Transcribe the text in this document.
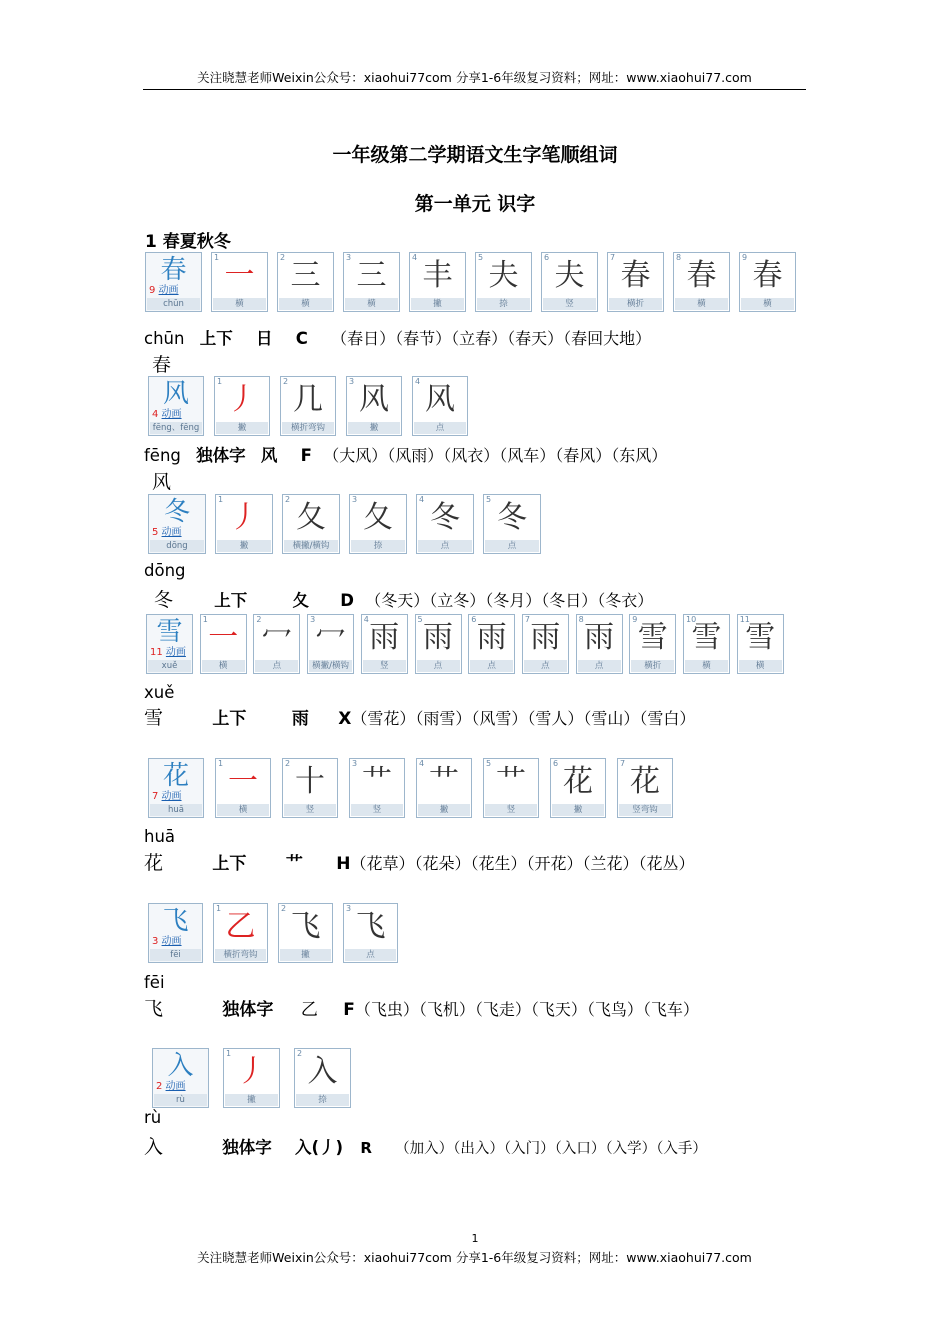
关注晓慧老师Weixin公众号：xiaohui77com 分享1-6年级复习资料；网址：www.xiaohui77.com
一年级第二学期语文生字笔顺组词
第一单元 识字
1 春夏秋冬
春
9 动画
chūn
1
一
横
2
三
横
3
三
横
4
丰
撇
5
夫
捺
6
夫
竖
7
春
横折
8
春
横
9
春
横
风
4 动画
fēng、fēng
1
丿
撇
2
几
横折弯钩
3
风
撇
4
风
点
冬
5 动画
dōng
1
丿
撇
2
夂
横撇/横钩
3
夂
捺
4
冬
点
5
冬
点
雪
11 动画
xuě
1
一
横
2
冖
点
3
冖
横撇/横钩
4
雨
竖
5
雨
点
6
雨
点
7
雨
点
8
雨
点
9
雪
横折
10
雪
横
11
雪
横
花
7 动画
huā
1
一
横
2
十
竖
3
艹
竖
4
艹
撇
5
艹
竖
6
花
撇
7
花
竖弯钩
飞
3 动画
fēi
1
乙
横折弯钩
2
飞
撇
3
飞
点
入
2 动画
rù
1
丿
撇
2
入
捺
chūn 上下 日 C （春日）（春节）（立春）（春天）（春回大地）
春
fēng 独体字 风 F （大风）（风雨）（风衣）（风车）（春风）（东风）
风
dōng
冬	上下	夂 D （冬天）（立冬）（冬月）（冬日）（冬衣）
xuě
雪	上下	雨 X（雪花）（雨雪）（风雪）（雪人）（雪山）（雪白）
huā
花	上下 艹 H（花草）（花朵）（花生）（开花）（兰花）（花丛）
fēi
飞	独体字 乙 F（飞虫）（飞机）（飞走）（飞天）（飞鸟）（飞车）
rù
入	独体字 入(丿) R （加入）（出入）（入门）（入口）（入学）（入手）
1
关注晓慧老师Weixin公众号：xiaohui77com 分享1-6年级复习资料；网址：www.xiaohui77.com
